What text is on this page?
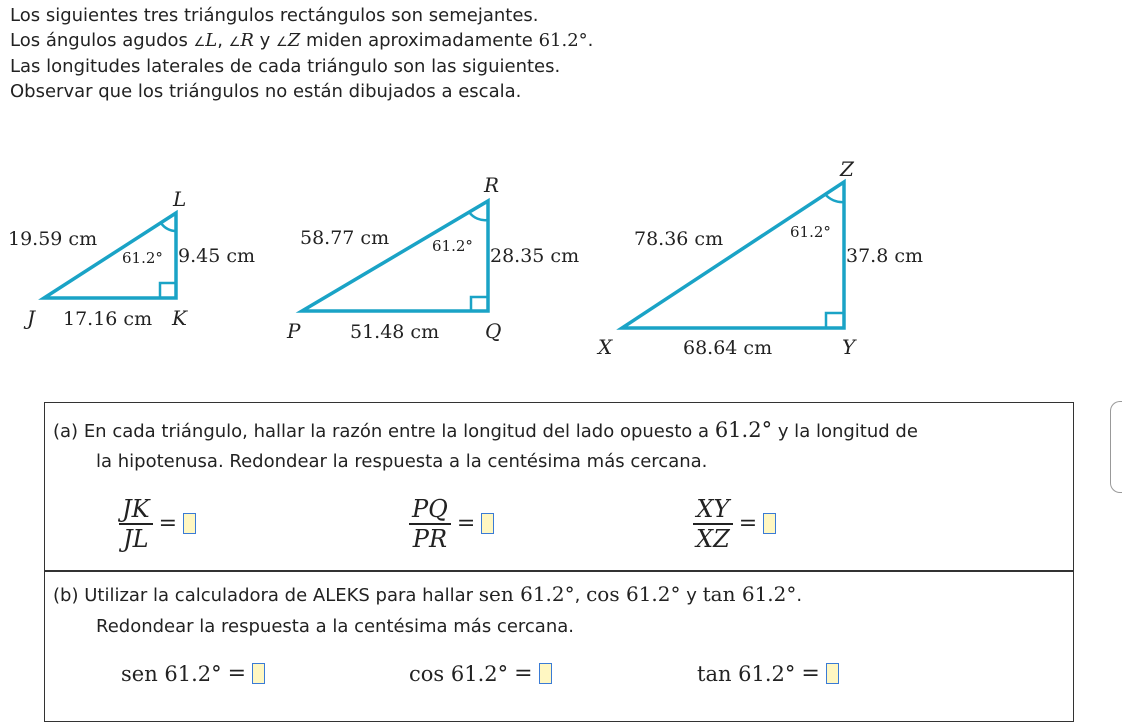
Los siguientes tres triángulos rectángulos son semejantes.

Los ángulos agudos ∠L, ∠R y ∠Z miden aproximadamente 61.2°.

Las longitudes laterales de cada triángulo son las siguientes.

Observar que los triángulos no están dibujados a escala.

L
J	K
19.59 cm
9.45 cm
17.16 cm
61.2°
R
P	Q
58.77 cm
28.35 cm
51.48 cm
61.2°
Z
X	Y
78.36 cm
37.8 cm
68.64 cm
61.2°
(a) En cada triángulo, hallar la razón entre la longitud del lado opuesto a 61.2° y la longitud de
la hipotenusa. Redondear la respuesta a la centésima más cercana.
$\frac{JK}{JL}$ =	$\frac{PQ}{PR}$ =	$\frac{XY}{XZ}$ =
(b) Utilizar la calculadora de ALEKS para hallar sen 61.2°, cos 61.2° y tan 61.2°.
Redondear la respuesta a la centésima más cercana.
sen 61.2° =	cos 61.2° =	tan 61.2° =
